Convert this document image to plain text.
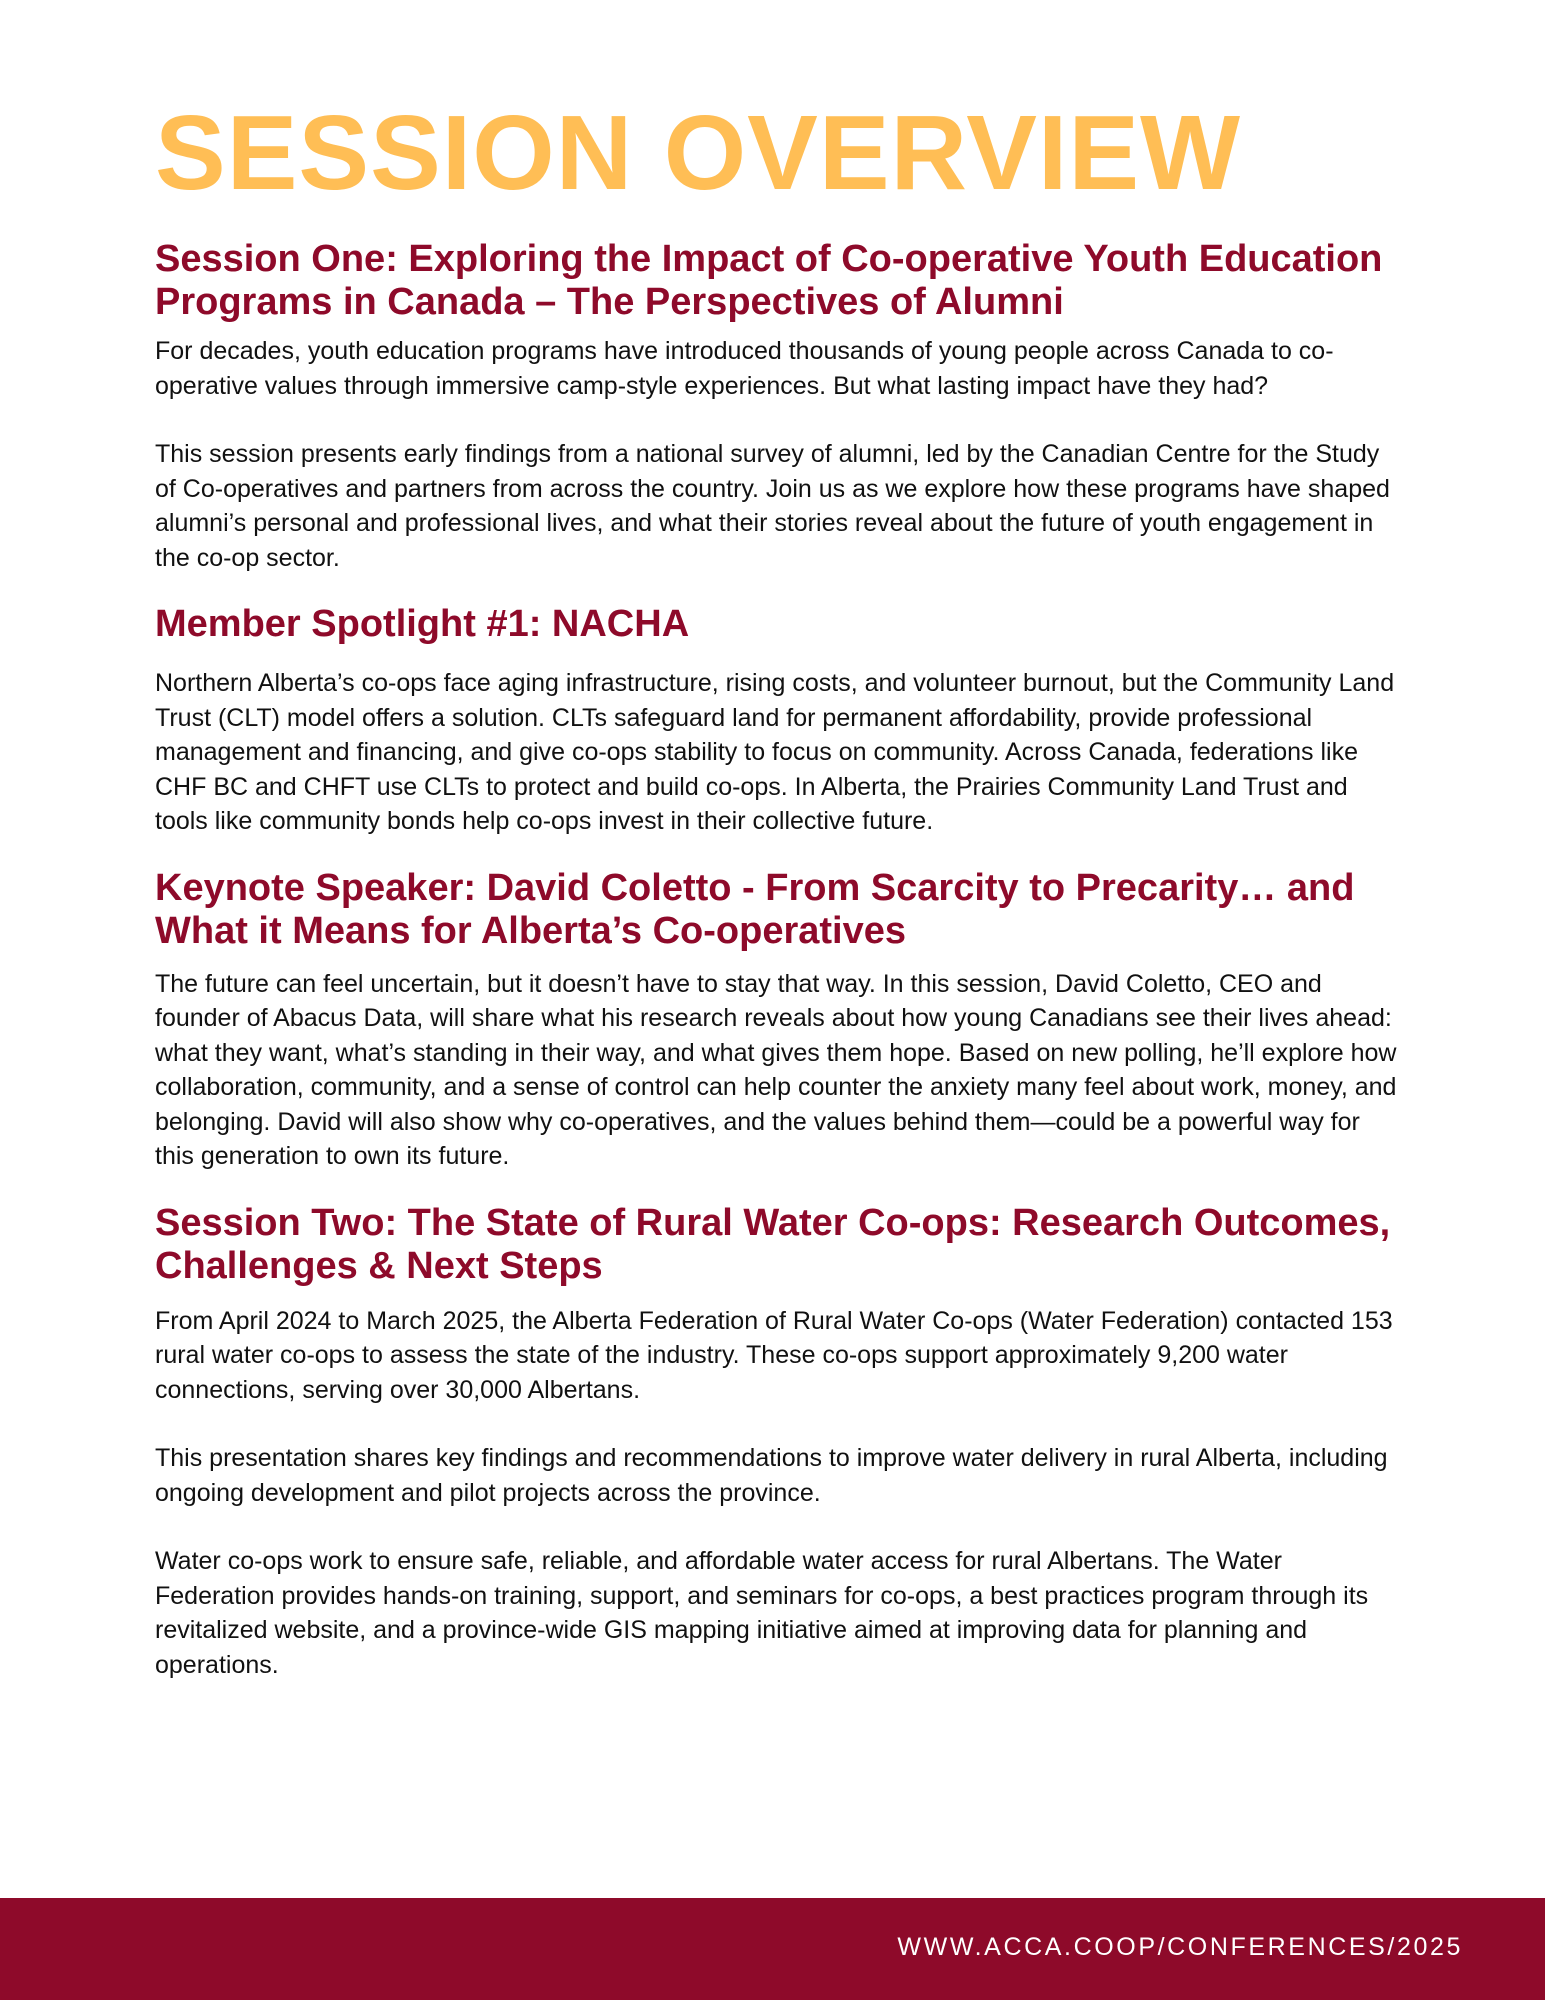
SESSION OVERVIEW
Session One: Exploring the Impact of Co-operative Youth Education Programs in Canada – The Perspectives of Alumni

For decades, youth education programs have introduced thousands of young people across Canada to co-operative values through immersive camp-style experiences. But what lasting impact have they had?

This session presents early findings from a national survey of alumni, led by the Canadian Centre for the Study of Co-operatives and partners from across the country. Join us as we explore how these programs have shaped alumni’s personal and professional lives, and what their stories reveal about the future of youth engagement in the co-op sector.

Member Spotlight #1: NACHA

Northern Alberta’s co-ops face aging infrastructure, rising costs, and volunteer burnout, but the Community Land Trust (CLT) model offers a solution. CLTs safeguard land for permanent affordability, provide professional management and financing, and give co-ops stability to focus on community. Across Canada, federations like CHF BC and CHFT use CLTs to protect and build co-ops. In Alberta, the Prairies Community Land Trust and tools like community bonds help co-ops invest in their collective future.

Keynote Speaker: David Coletto - From Scarcity to Precarity… and What it Means for Alberta’s Co-operatives

The future can feel uncertain, but it doesn’t have to stay that way. In this session, David Coletto, CEO and founder of Abacus Data, will share what his research reveals about how young Canadians see their lives ahead: what they want, what’s standing in their way, and what gives them hope. Based on new polling, he’ll explore how collaboration, community, and a sense of control can help counter the anxiety many feel about work, money, and belonging. David will also show why co-operatives, and the values behind them—could be a powerful way for this generation to own its future.

Session Two: The State of Rural Water Co-ops: Research Outcomes, Challenges & Next Steps

From April 2024 to March 2025, the Alberta Federation of Rural Water Co-ops (Water Federation) contacted 153 rural water co-ops to assess the state of the industry. These co-ops support approximately 9,200 water connections, serving over 30,000 Albertans.

This presentation shares key findings and recommendations to improve water delivery in rural Alberta, including ongoing development and pilot projects across the province.

Water co-ops work to ensure safe, reliable, and affordable water access for rural Albertans. The Water Federation provides hands-on training, support, and seminars for co-ops, a best practices program through its revitalized website, and a province-wide GIS mapping initiative aimed at improving data for planning and operations.

WWW.ACCA.COOP/CONFERENCES/2025
